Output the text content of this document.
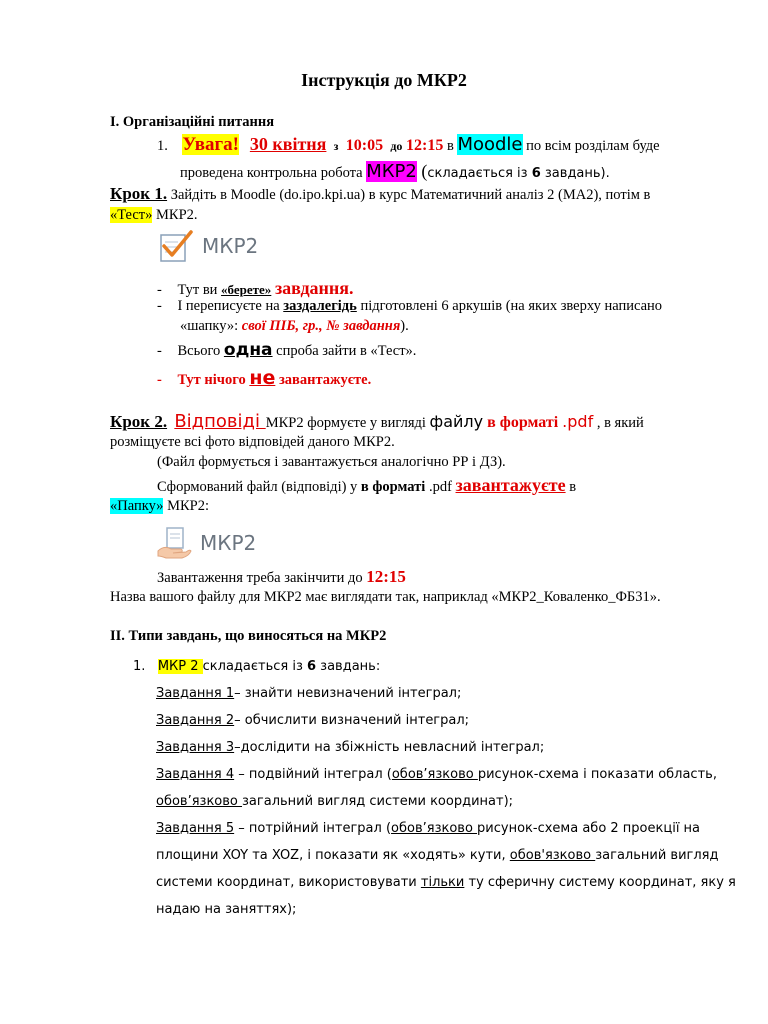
Інструкція до МКР2
І. Організаційні питання
1. Увага! 30 квітня з 10:05 до 12:15 в Moodle по всім розділам буде
проведена контрольна робота МКР2 (складається із 6 завдань).
Крок 1. Зайдіть в Moodle (do.ipo.kpi.ua) в курс Математичний аналіз 2 (МА2), потім в
«Тест» МКР2.
МКР2
- Тут ви «берете» завдання.
- І переписуєте на заздалегідь підготовлені 6 аркушів (на яких зверху написано
«шапку»: свої ПІБ, гр., № завдання).
- Всього одна спроба зайти в «Тест».
- Тут нічого не завантажуєте.
Крок 2. Відповіді МКР2 формуєте у вигляді файлу в форматі .pdf , в який
розміщуєте всі фото відповідей даного МКР2.
(Файл формується і завантажується аналогічно РР і ДЗ).
Сформований файл (відповіді) у в форматі .pdf завантажуєте в
«Папку» МКР2:
МКР2
Завантаження треба закінчити до 12:15
Назва вашого файлу для МКР2 має виглядати так, наприклад «МКР2_Коваленко_ФБ31».
ІІ. Типи завдань, що виносяться на МКР2
1.   МКР 2 складається із 6 завдань:
Завдання 1– знайти невизначений інтеграл;
Завдання 2– обчислити визначений інтеграл;
Завдання 3–дослідити на збіжність невласний інтеграл;
Завдання 4 – подвійний інтеграл (обов’язково рисунок-схема і показати область,
обов’язково загальний вигляд системи координат);
Завдання 5 – потрійний інтеграл (обов’язково рисунок-схема або 2 проекції на
площини XOY та XOZ, і показати як «ходять» кути, обов'язково загальний вигляд
системи координат, використовувати тільки ту сферичну систему координат, яку я
надаю на заняттях);
